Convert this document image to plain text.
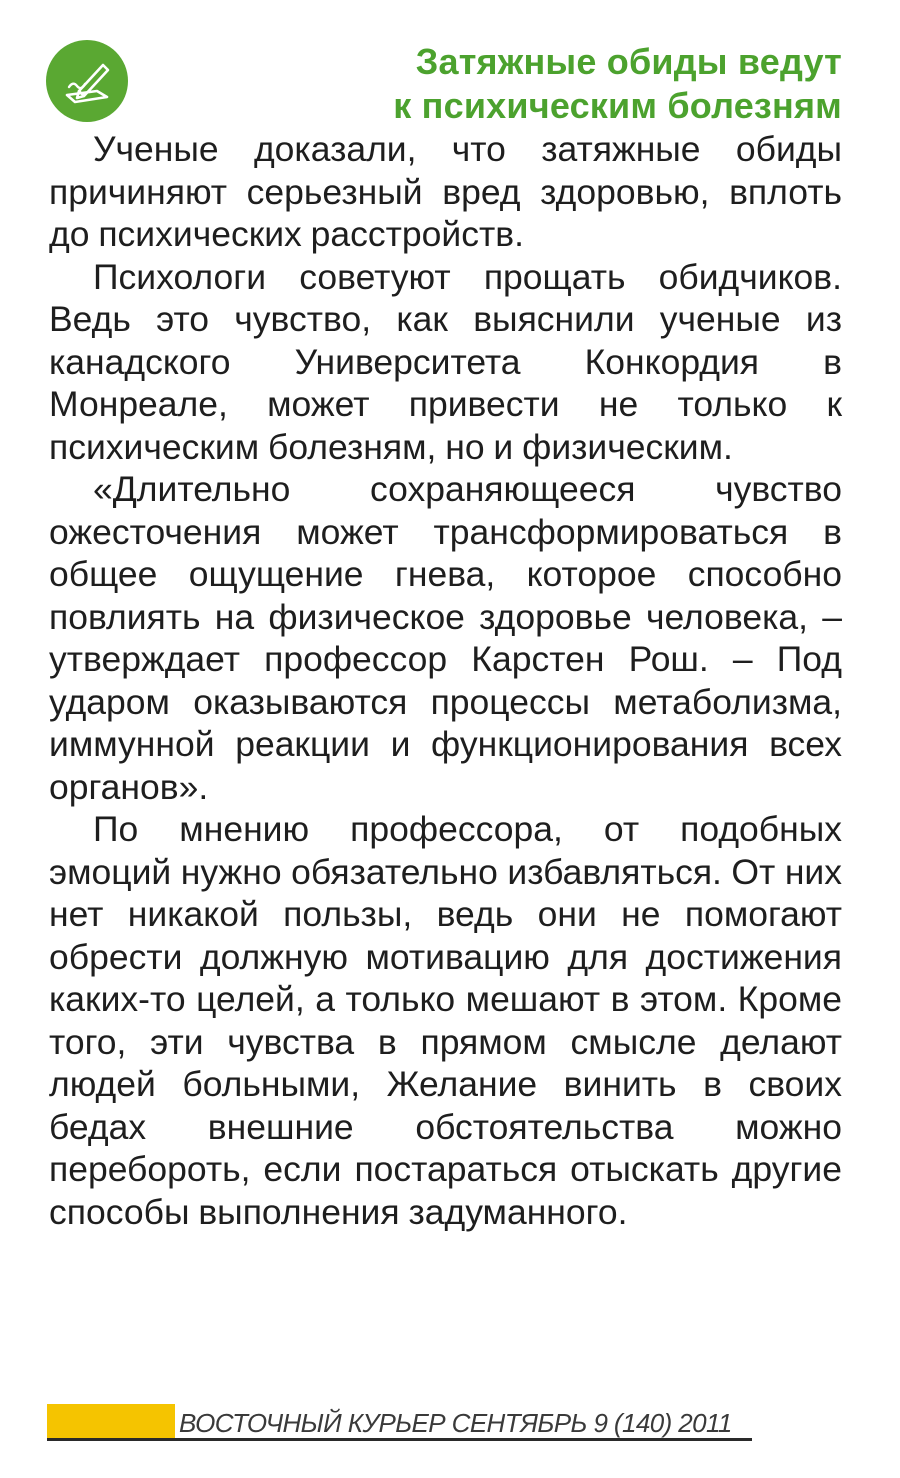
Затяжные обиды ведут
к психическим болезням

Ученые доказали, что затяжные обиды причиняют серьезный вред здоровью, вплоть до психических расстройств.

Психологи советуют прощать обидчиков. Ведь это чувство, как выяснили ученые из канадского Университета Конкордия в Монреале, может привести не только к психическим болезням, но и физическим.

«Длительно сохраняющееся чувство ожесточения может трансформироваться в общее ощущение гнева, которое способно повлиять на физическое здоровье человека, – утверждает профессор Карстен Рош. – Под ударом оказываются процессы метаболизма, иммунной реакции и функционирования всех органов».

По мнению профессора, от подобных эмоций нужно обязательно избавляться. От них нет никакой пользы, ведь они не помогают обрести должную мотивацию для достижения каких-то целей, а только мешают в этом. Кроме того, эти чувства в прямом смысле делают людей больными, Желание винить в своих бедах внешние обстоятельства можно перебороть, если постараться отыскать другие способы выполнения задуманного.

ВОСТОЧНЫЙ КУРЬЕР СЕНТЯБРЬ 9 (140) 2011
